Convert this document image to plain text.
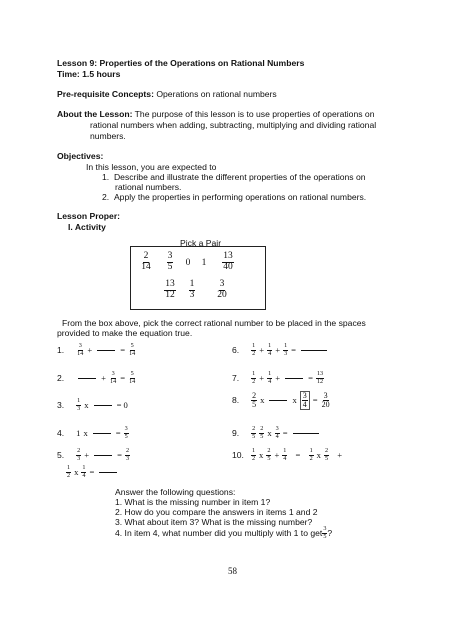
Lesson 9: Properties of the Operations on Rational Numbers
Time: 1.5 hours
Pre-requisite Concepts: Operations on rational numbers
About the Lesson: The purpose of this lesson is to use properties of operations on
rational numbers when adding, subtracting, multiplying and dividing rational
numbers.
Objectives:
In this lesson, you are expected to
1. Describe and illustrate the different properties of the operations on
rational numbers.
2. Apply the properties in performing operations on rational numbers.
Lesson Proper:
I. Activity
Pick a Pair
$\frac{2}{14} \frac{3}{5}$	0	1	$\frac{13}{40}$
$\frac{13}{12} \frac{1}{3} \frac{3}{20}$
From the box above, pick the correct rational number to be placed in the spaces
provided to make the equation true.
1. $\frac{3}{14}$ +	= $\frac{5}{14}$
2.	+ $\frac{3}{14} = \frac{5}{14}$
3. $\frac{1}{3}$ x	= 0
4. 1 x	= $\frac{3}{5}$
5. $\frac{2}{3}$ +	= $\frac{2}{3}$
$\frac{1}{2}$ x $\frac{1}{4}$ =
6. $\frac{1}{2} + \frac{1}{4} + \frac{1}{3}$ =
7. $\frac{1}{2} + \frac{1}{4}$ +	= $\frac{13}{12}$
8. $\frac{2}{5}$ x	x $\frac{3}{4} = \frac{3}{20}$
9. $\frac{2}{5} \frac{2}{5}$ x $\frac{3}{4}$ =
10. $\frac{1}{2}$ x $\frac{2}{5} + \frac{1}{4}$
=
$\frac{1}{2}$ x $\frac{2}{5}$
+
Answer the following questions:
1. What is the missing number in item 1?
2. How do you compare the answers in items 1 and 2
3. What about item 3? What is the missing number?
4. In item 4, what number did you multiply with 1 to get $\frac{3}{5}$ ?
58
